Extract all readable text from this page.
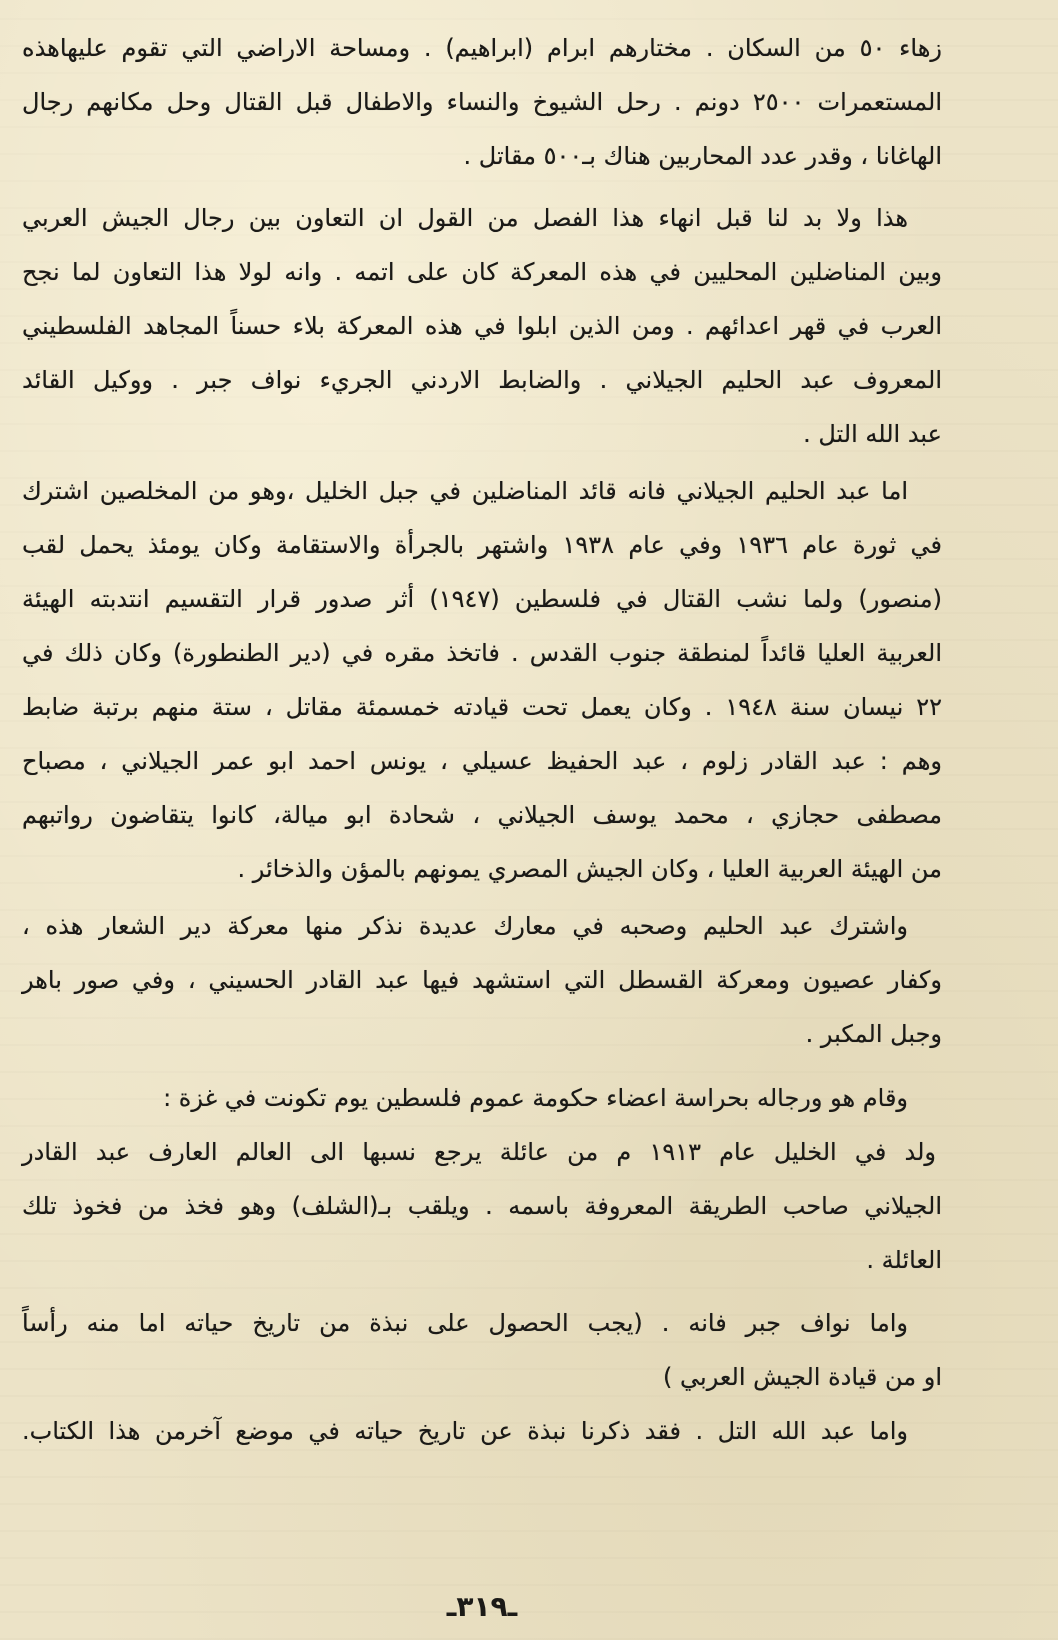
زهاء ٥٠ من السكان . مختارهم ابرام (ابراهيم) . ومساحة الاراضي التي تقوم عليهاهذه
المستعمرات ٢٥٠٠ دونم . رحل الشيوخ والنساء والاطفال قبل القتال وحل مكانهم رجال
الهاغانا ، وقدر عدد المحاربين هناك بـ٥٠٠ مقاتل .
هذا ولا بد لنا قبل انهاء هذا الفصل من القول ان التعاون بين رجال الجيش العربي
وبين المناضلين المحليين في هذه المعركة كان على اتمه . وانه لولا هذا التعاون لما نجح
العرب في قهر اعدائهم . ومن الذين ابلوا في هذه المعركة بلاء حسناً المجاهد الفلسطيني
المعروف عبد الحليم الجيلاني . والضابط الاردني الجريء نواف جبر . ووكيل القائد
عبد الله التل .
اما عبد الحليم الجيلاني فانه قائد المناضلين في جبل الخليل ،وهو من المخلصين اشترك
في ثورة عام ١٩٣٦ وفي عام ١٩٣٨ واشتهر بالجرأة والاستقامة وكان يومئذ يحمل لقب
(منصور) ولما نشب القتال في فلسطين (١٩٤٧) أثر صدور قرار التقسيم انتدبته الهيئة
العربية العليا قائداً لمنطقة جنوب القدس . فاتخذ مقره في (دير الطنطورة) وكان ذلك في
٢٢ نيسان سنة ١٩٤٨ . وكان يعمل تحت قيادته خمسمئة مقاتل ، ستة منهم برتبة ضابط
وهم : عبد القادر زلوم ، عبد الحفيظ عسيلي ، يونس احمد ابو عمر الجيلاني ، مصباح
مصطفى حجازي ، محمد يوسف الجيلاني ، شحادة ابو ميالة، كانوا يتقاضون رواتبهم
من الهيئة العربية العليا ، وكان الجيش المصري يمونهم بالمؤن والذخائر .
واشترك عبد الحليم وصحبه في معارك عديدة نذكر منها معركة دير الشعار هذه ،
وكفار عصيون ومعركة القسطل التي استشهد فيها عبد القادر الحسيني ، وفي صور باهر
وجبل المكبر .
وقام هو ورجاله بحراسة اعضاء حكومة عموم فلسطين يوم تكونت في غزة :
ولد في الخليل عام ١٩١٣ م من عائلة يرجع نسبها الى العالم العارف عبد القادر
الجيلاني صاحب الطريقة المعروفة باسمه . ويلقب بـ(الشلف) وهو فخذ من فخوذ تلك
العائلة .
واما نواف جبر فانه . (يجب الحصول على نبذة من تاريخ حياته اما منه رأساً
او من قيادة الجيش العربي )
واما عبد الله التل . فقد ذكرنا نبذة عن تاريخ حياته في موضع آخرمن هذا الكتاب.
ـ٣١٩ـ
